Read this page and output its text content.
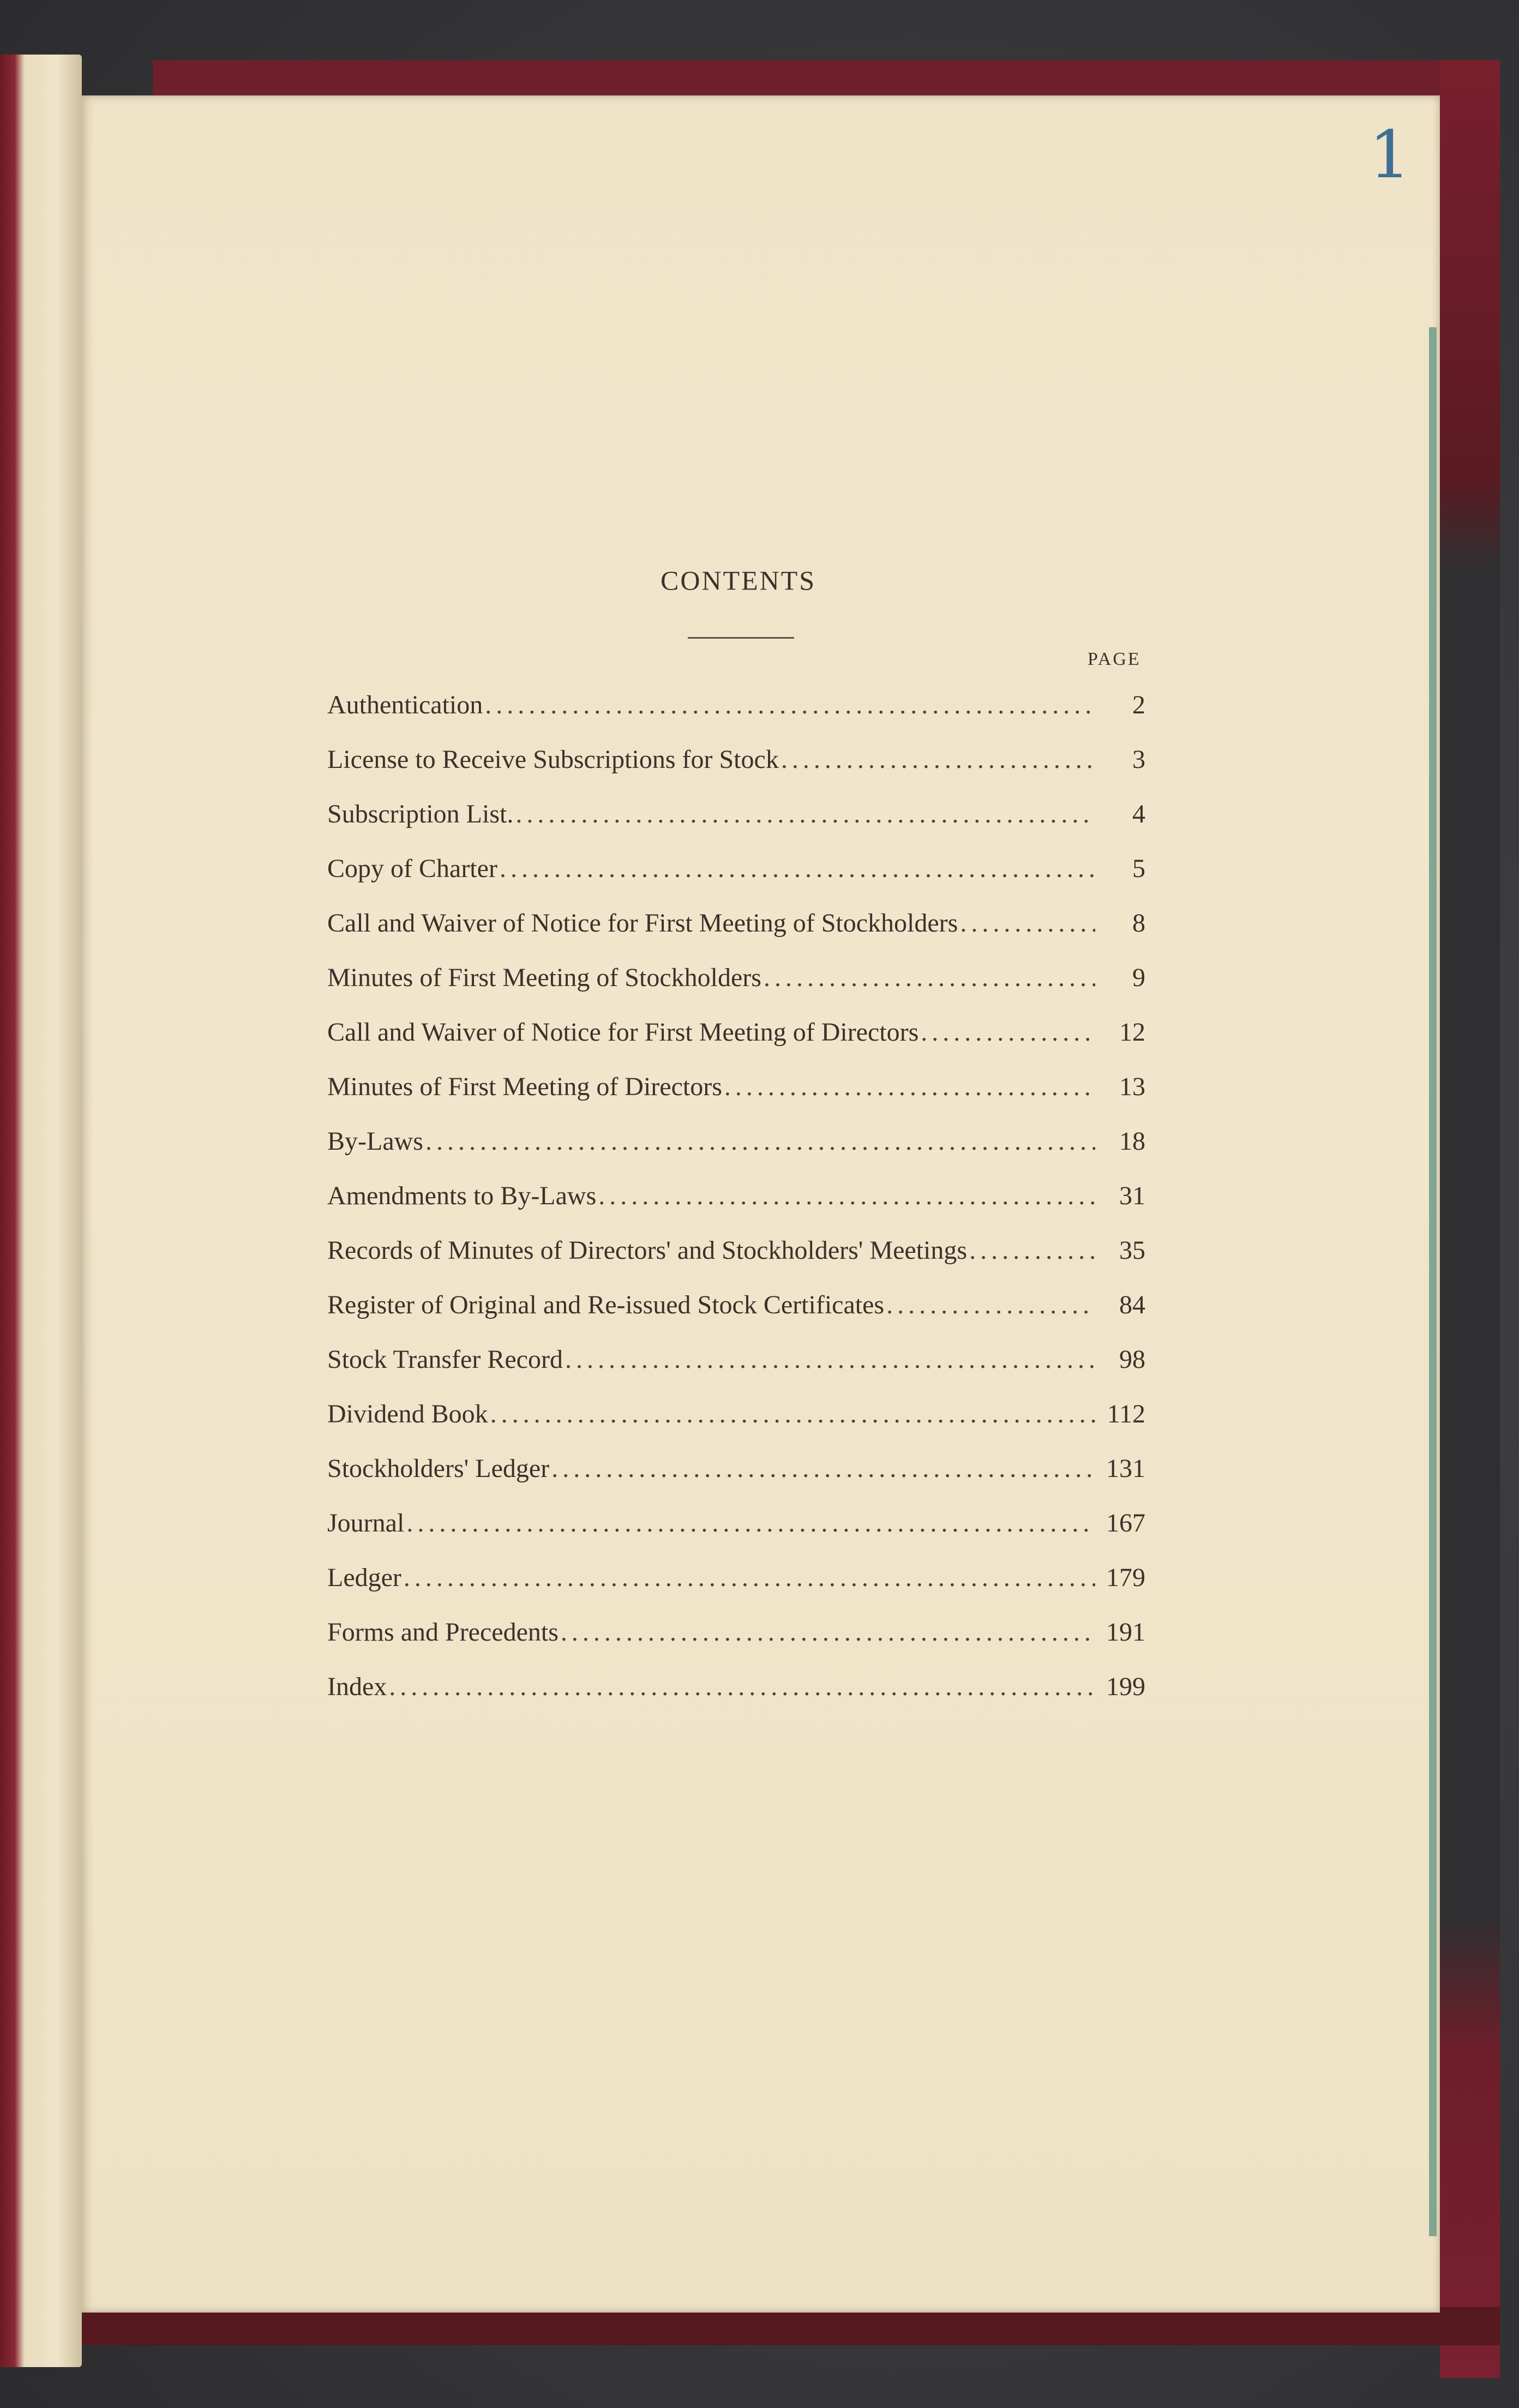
1
CONTENTS
PAGE
Authentication . . .	2
License to Receive Subscriptions for Stock . . .	3
Subscription List. . . .	4
Copy of Charter . . .	5
Call and Waiver of Notice for First Meeting of Stockholders . . .	8
Minutes of First Meeting of Stockholders . . .	9
Call and Waiver of Notice for First Meeting of Directors . . .	12
Minutes of First Meeting of Directors . . .	13
By-Laws . . .	18
Amendments to By-Laws . . .	31
Records of Minutes of Directors' and Stockholders' Meetings . . .	35
Register of Original and Re-issued Stock Certificates . . .	84
Stock Transfer Record . . .	98
Dividend Book . . .	112
Stockholders' Ledger . . .	131
Journal . . .	167
Ledger . . .	179
Forms and Precedents . . .	191
Index . . .	199
